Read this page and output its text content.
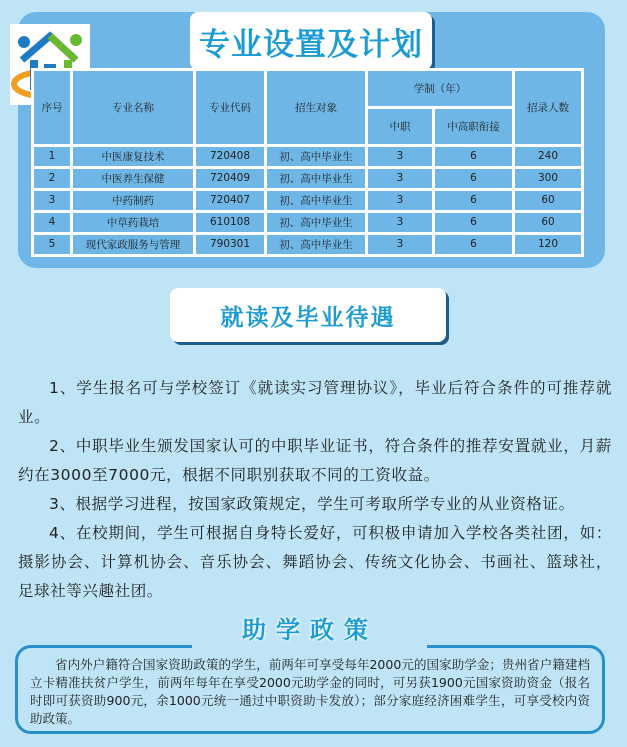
专业设置及计划
序号	专业名称	专业代码	招生对象	学制（年）		招录人数
				中职	中高职衔接	
1	中医康复技术	720408	初、高中毕业生	3	6	240
2	中医养生保健	720409	初、高中毕业生	3	6	300
3	中药制药	720407	初、高中毕业生	3	6	60
4	中草药栽培	610108	初、高中毕业生	3	6	60
5	现代家政服务与管理	790301	初、高中毕业生	3	6	120
就读及毕业待遇

1、学生报名可与学校签订《就读实习管理协议》，毕业后符合条件的可推荐就业。

2、中职毕业生颁发国家认可的中职毕业证书，符合条件的推荐安置就业，月薪约在3000至7000元，根据不同职别获取不同的工资收益。

3、根据学习进程，按国家政策规定，学生可考取所学专业的从业资格证。

4、在校期间，学生可根据自身特长爱好，可积极申请加入学校各类社团，如：摄影协会、计算机协会、音乐协会、舞蹈协会、传统文化协会、书画社、篮球社，足球社等兴趣社团。

省内外户籍符合国家资助政策的学生，前两年可享受每年2000元的国家助学金；贵州省户籍建档立卡精准扶贫户学生，前两年每年在享受2000元助学金的同时，可另获1900元国家资助资金（报名时即可获资助900元，余1000元统一通过中职资助卡发放）；部分家庭经济困难学生，可享受校内资助政策。

助学政策
